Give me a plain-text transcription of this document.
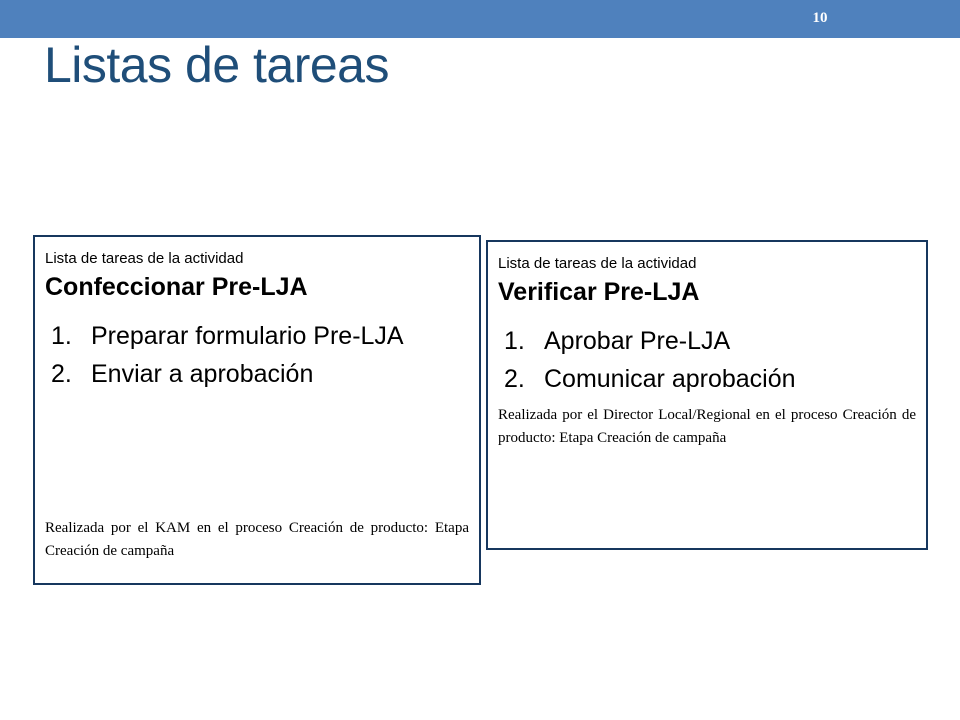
10
Listas de tareas
Lista de tareas de la actividad
Confeccionar Pre-LJA
1. Preparar formulario Pre-LJA
2. Enviar a aprobación
Realizada por el KAM en el proceso Creación de producto: Etapa Creación de campaña
Lista de tareas de la actividad
Verificar Pre-LJA
1. Aprobar Pre-LJA
2. Comunicar aprobación
Realizada por el Director Local/Regional en el proceso Creación de producto: Etapa Creación de campaña
